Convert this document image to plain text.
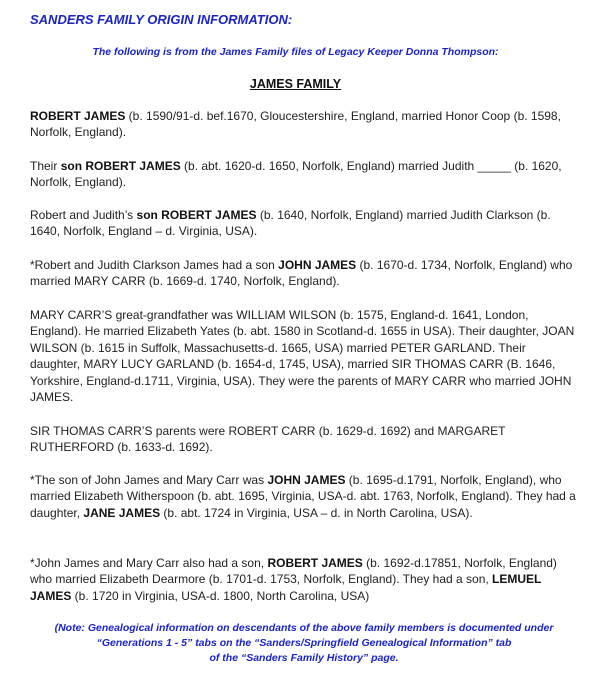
SANDERS FAMILY ORIGIN INFORMATION:
The following is from the James Family files of Legacy Keeper Donna Thompson:
JAMES FAMILY
ROBERT JAMES (b. 1590/91-d. bef.1670, Gloucestershire, England, married Honor Coop (b. 1598, Norfolk, England).
Their son ROBERT JAMES (b. abt. 1620-d. 1650, Norfolk, England) married Judith _____ (b. 1620, Norfolk, England).
Robert and Judith’s son ROBERT JAMES (b. 1640, Norfolk, England) married Judith Clarkson (b. 1640, Norfolk, England – d. Virginia, USA).
*Robert and Judith Clarkson James had a son JOHN JAMES (b. 1670-d. 1734, Norfolk, England) who married MARY CARR (b. 1669-d. 1740, Norfolk, England).
MARY CARR’S great-grandfather was WILLIAM WILSON (b. 1575, England-d. 1641, London, England). He married Elizabeth Yates (b. abt. 1580 in Scotland-d. 1655 in USA). Their daughter, JOAN WILSON (b. 1615 in Suffolk, Massachusetts-d. 1665, USA) married PETER GARLAND. Their daughter, MARY LUCY GARLAND (b. 1654-d, 1745, USA), married SIR THOMAS CARR (B. 1646, Yorkshire, England-d.1711, Virginia, USA). They were the parents of MARY CARR who married JOHN JAMES.
SIR THOMAS CARR’S parents were ROBERT CARR (b. 1629-d. 1692) and MARGARET RUTHERFORD (b. 1633-d. 1692).
*The son of John James and Mary Carr was JOHN JAMES (b. 1695-d.1791, Norfolk, England), who married Elizabeth Witherspoon (b. abt. 1695, Virginia, USA-d. abt. 1763, Norfolk, England). They had a daughter, JANE JAMES (b. abt. 1724 in Virginia, USA – d. in North Carolina, USA).
*John James and Mary Carr also had a son, ROBERT JAMES (b. 1692-d.17851, Norfolk, England) who married Elizabeth Dearmore (b. 1701-d. 1753, Norfolk, England). They had a son, LEMUEL JAMES (b. 1720 in Virginia, USA-d. 1800, North Carolina, USA)
(Note: Genealogical information on descendants of the above family members is documented under
“Generations 1 - 5” tabs on the “Sanders/Springfield Genealogical Information” tab
of the “Sanders Family History” page.
